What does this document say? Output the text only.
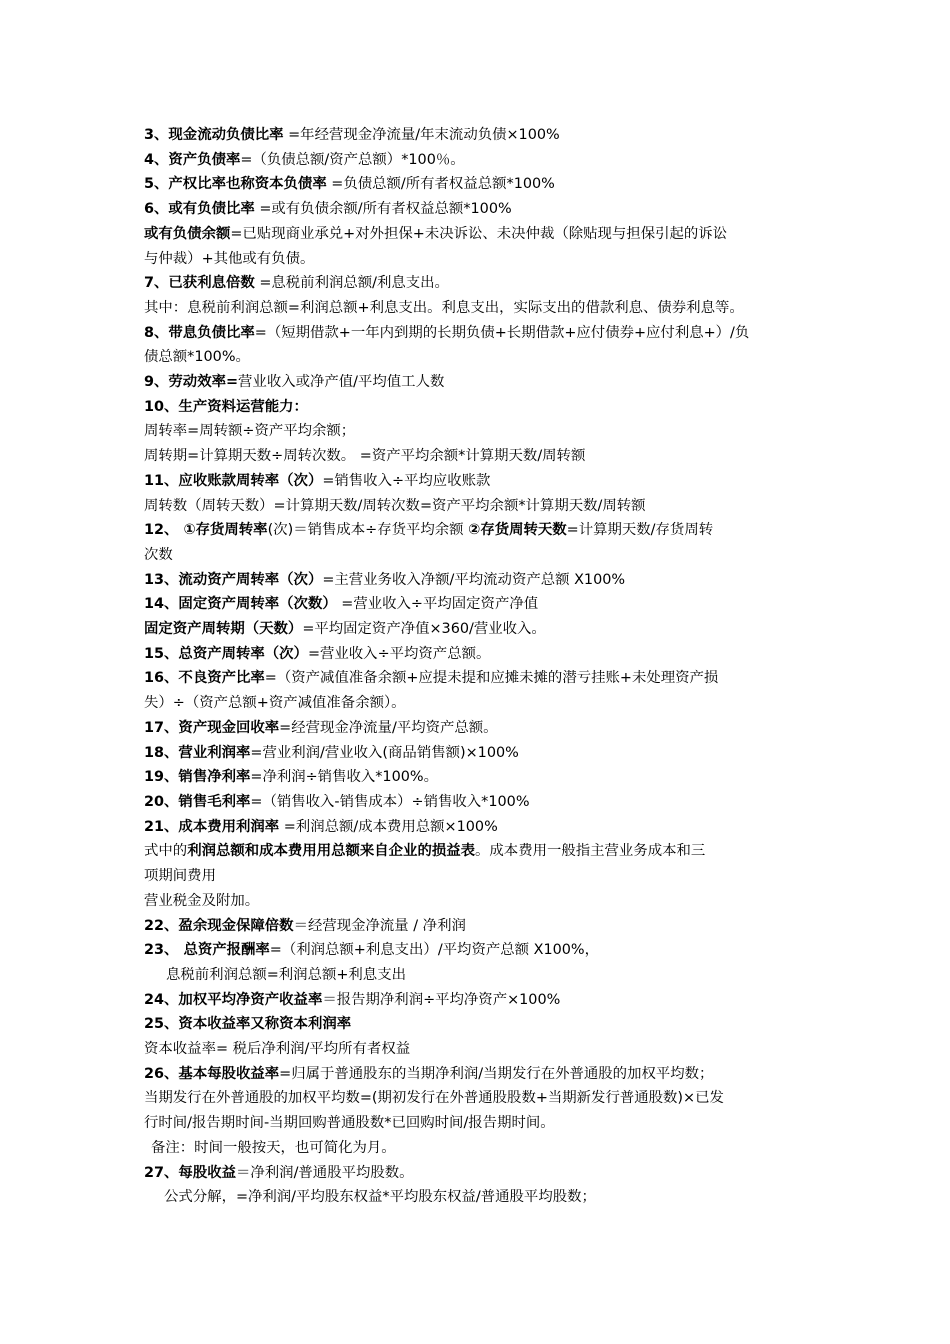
3、现金流动负债比率 =年经营现金净流量/年末流动负债×100%
4、资产负债率=（负债总额/资产总额）*100％。
5、产权比率也称资本负债率 =负债总额/所有者权益总额*100%
6、或有负债比率 =或有负债余额/所有者权益总额*100%
或有负债余额=已贴现商业承兑+对外担保+未决诉讼、未决仲裁（除贴现与担保引起的诉讼
与仲裁）+其他或有负债。
7、已获利息倍数 =息税前利润总额/利息支出。
其中：息税前利润总额=利润总额+利息支出。利息支出，实际支出的借款利息、债券利息等。
8、带息负债比率=（短期借款+一年内到期的长期负债+长期借款+应付债券+应付利息+）/负
债总额*100%。
9、劳动效率=营业收入或净产值/平均值工人数
10、生产资料运营能力：
周转率=周转额÷资产平均余额；
周转期=计算期天数÷周转次数。 =资产平均余额*计算期天数/周转额
11、应收账款周转率（次）=销售收入÷平均应收账款
周转数（周转天数）=计算期天数/周转次数=资产平均余额*计算期天数/周转额
12、 ①存货周转率(次)＝销售成本÷存货平均余额 ②存货周转天数=计算期天数/存货周转
次数
13、流动资产周转率（次）=主营业务收入净额/平均流动资产总额 X100%
14、固定资产周转率（次数） =营业收入÷平均固定资产净值
固定资产周转期（天数）=平均固定资产净值×360/营业收入。
15、总资产周转率（次）=营业收入÷平均资产总额。
16、不良资产比率=（资产减值准备余额+应提未提和应摊未摊的潜亏挂账+未处理资产损
失）÷（资产总额+资产减值准备余额）。
17、资产现金回收率=经营现金净流量/平均资产总额。
18、营业利润率=营业利润/营业收入(商品销售额)×100%
19、销售净利率=净利润÷销售收入*100%。
20、销售毛利率=（销售收入-销售成本）÷销售收入*100%
21、成本费用利润率 =利润总额/成本费用总额×100%
式中的利润总额和成本费用用总额来自企业的损益表。成本费用一般指主营业务成本和三
项期间费用
营业税金及附加。
22、盈余现金保障倍数＝经营现金净流量 / 净利润
23、 总资产报酬率=（利润总额+利息支出）/平均资产总额 X100%，
息税前利润总额=利润总额+利息支出
24、加权平均净资产收益率＝报告期净利润÷平均净资产×100%
25、资本收益率又称资本利润率
资本收益率= 税后净利润/平均所有者权益
26、基本每股收益率=归属于普通股东的当期净利润/当期发行在外普通股的加权平均数；
当期发行在外普通股的加权平均数=(期初发行在外普通股股数+当期新发行普通股数)×已发
行时间/报告期时间-当期回购普通股数*已回购时间/报告期时间。
备注：时间一般按天，也可简化为月。
27、每股收益＝净利润/普通股平均股数。
公式分解，=净利润/平均股东权益*平均股东权益/普通股平均股数；
